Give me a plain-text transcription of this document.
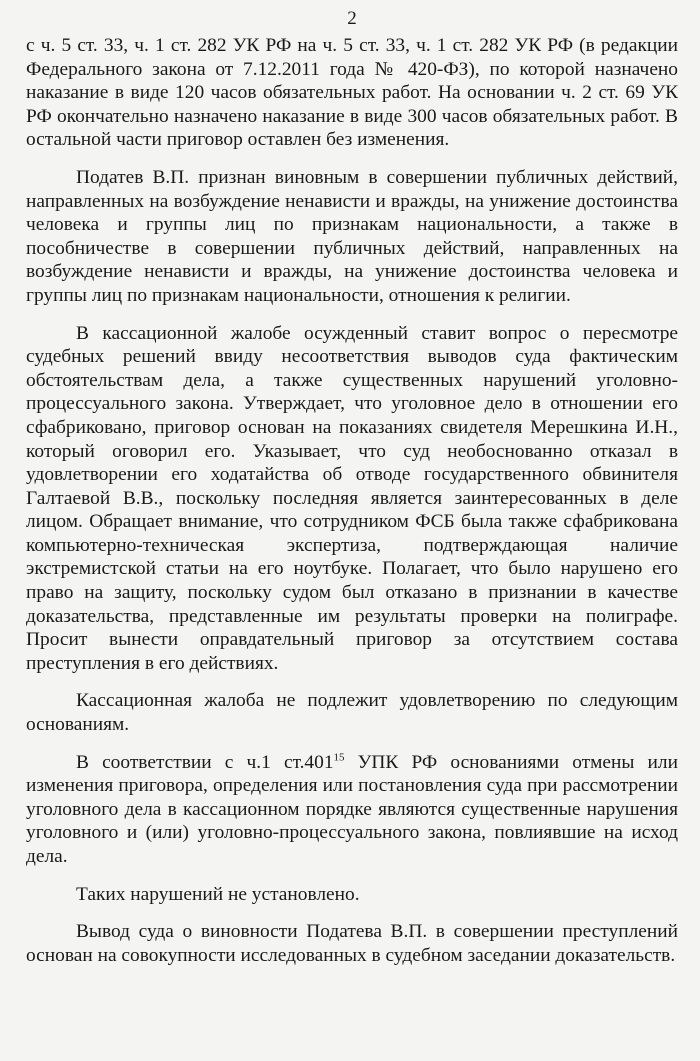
2

с ч. 5 ст. 33, ч. 1 ст. 282 УК РФ на ч. 5 ст. 33, ч. 1 ст. 282 УК РФ (в редакции Федерального закона от 7.12.2011 года № 420-ФЗ), по которой назначено наказание в виде 120 часов обязательных работ. На основании ч. 2 ст. 69 УК РФ окончательно назначено наказание в виде 300 часов обязательных работ. В остальной части приговор оставлен без изменения.

Податев В.П. признан виновным в совершении публичных действий, направленных на возбуждение ненависти и вражды, на унижение достоинства человека и группы лиц по признакам национальности, а также в пособничестве в совершении публичных действий, направленных на возбуждение ненависти и вражды, на унижение достоинства человека и группы лиц по признакам национальности, отношения к религии.

В кассационной жалобе осужденный ставит вопрос о пересмотре судебных решений ввиду несоответствия выводов суда фактическим обстоятельствам дела, а также существенных нарушений уголовно-процессуального закона. Утверждает, что уголовное дело в отношении его сфабриковано, приговор основан на показаниях свидетеля Мерешкина И.Н., который оговорил его. Указывает, что суд необоснованно отказал в удовлетворении его ходатайства об отводе государственного обвинителя Галтаевой В.В., поскольку последняя является заинтересованных в деле лицом. Обращает внимание, что сотрудником ФСБ была также сфабрикована компьютерно-техническая экспертиза, подтверждающая наличие экстремистской статьи на его ноутбуке. Полагает, что было нарушено его право на защиту, поскольку судом был отказано в признании в качестве доказательства, представленные им результаты проверки на полиграфе. Просит вынести оправдательный приговор за отсутствием состава преступления в его действиях.

Кассационная жалоба не подлежит удовлетворению по следующим основаниям.

В соответствии с ч.1 ст.401$^{15}$ УПК РФ основаниями отмены или изменения приговора, определения или постановления суда при рассмотрении уголовного дела в кассационном порядке являются существенные нарушения уголовного и (или) уголовно-процессуального закона, повлиявшие на исход дела.

Таких нарушений не установлено.

Вывод суда о виновности Податева В.П. в совершении преступлений основан на совокупности исследованных в судебном заседании доказательств.
